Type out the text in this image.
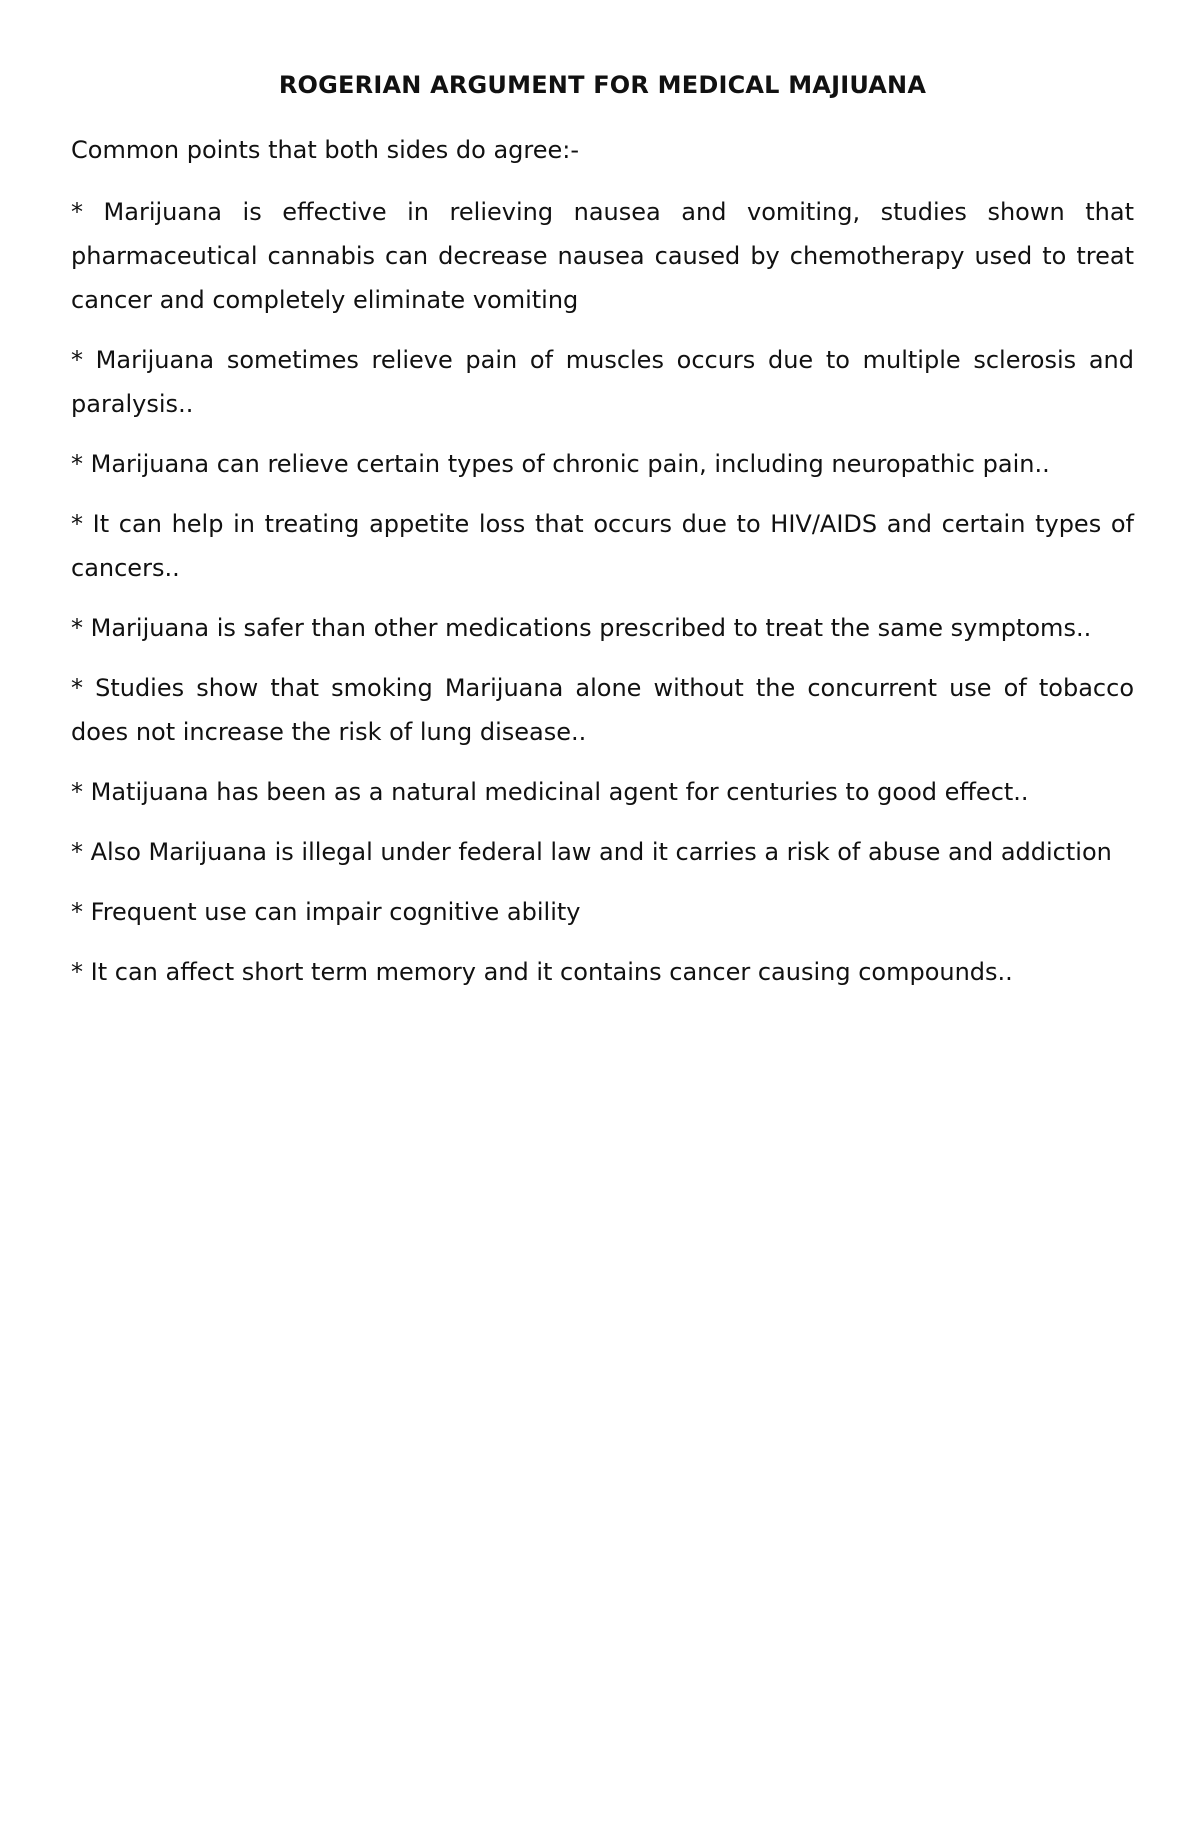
ROGERIAN ARGUMENT FOR MEDICAL MAJIUANA

Common points that both sides do agree:-

* Marijuana is effective in relieving nausea and vomiting, studies shown that pharmaceutical cannabis can decrease nausea caused by chemotherapy used to treat cancer and completely eliminate vomiting

* Marijuana sometimes relieve pain of muscles occurs due to multiple sclerosis and paralysis..

* Marijuana can relieve certain types of chronic pain, including neuropathic pain..

* It can help in treating appetite loss that occurs due to HIV/AIDS and certain types of cancers..

* Marijuana is safer than other medications prescribed to treat the same symptoms..

* Studies show that smoking Marijuana alone without the concurrent use of tobacco does not increase the risk of lung disease..

* Matijuana has been as a natural medicinal agent for centuries to good effect..

* Also Marijuana is illegal under federal law and it carries a risk of abuse and addiction

* Frequent use can impair cognitive ability

* It can affect short term memory and it contains cancer causing compounds..
